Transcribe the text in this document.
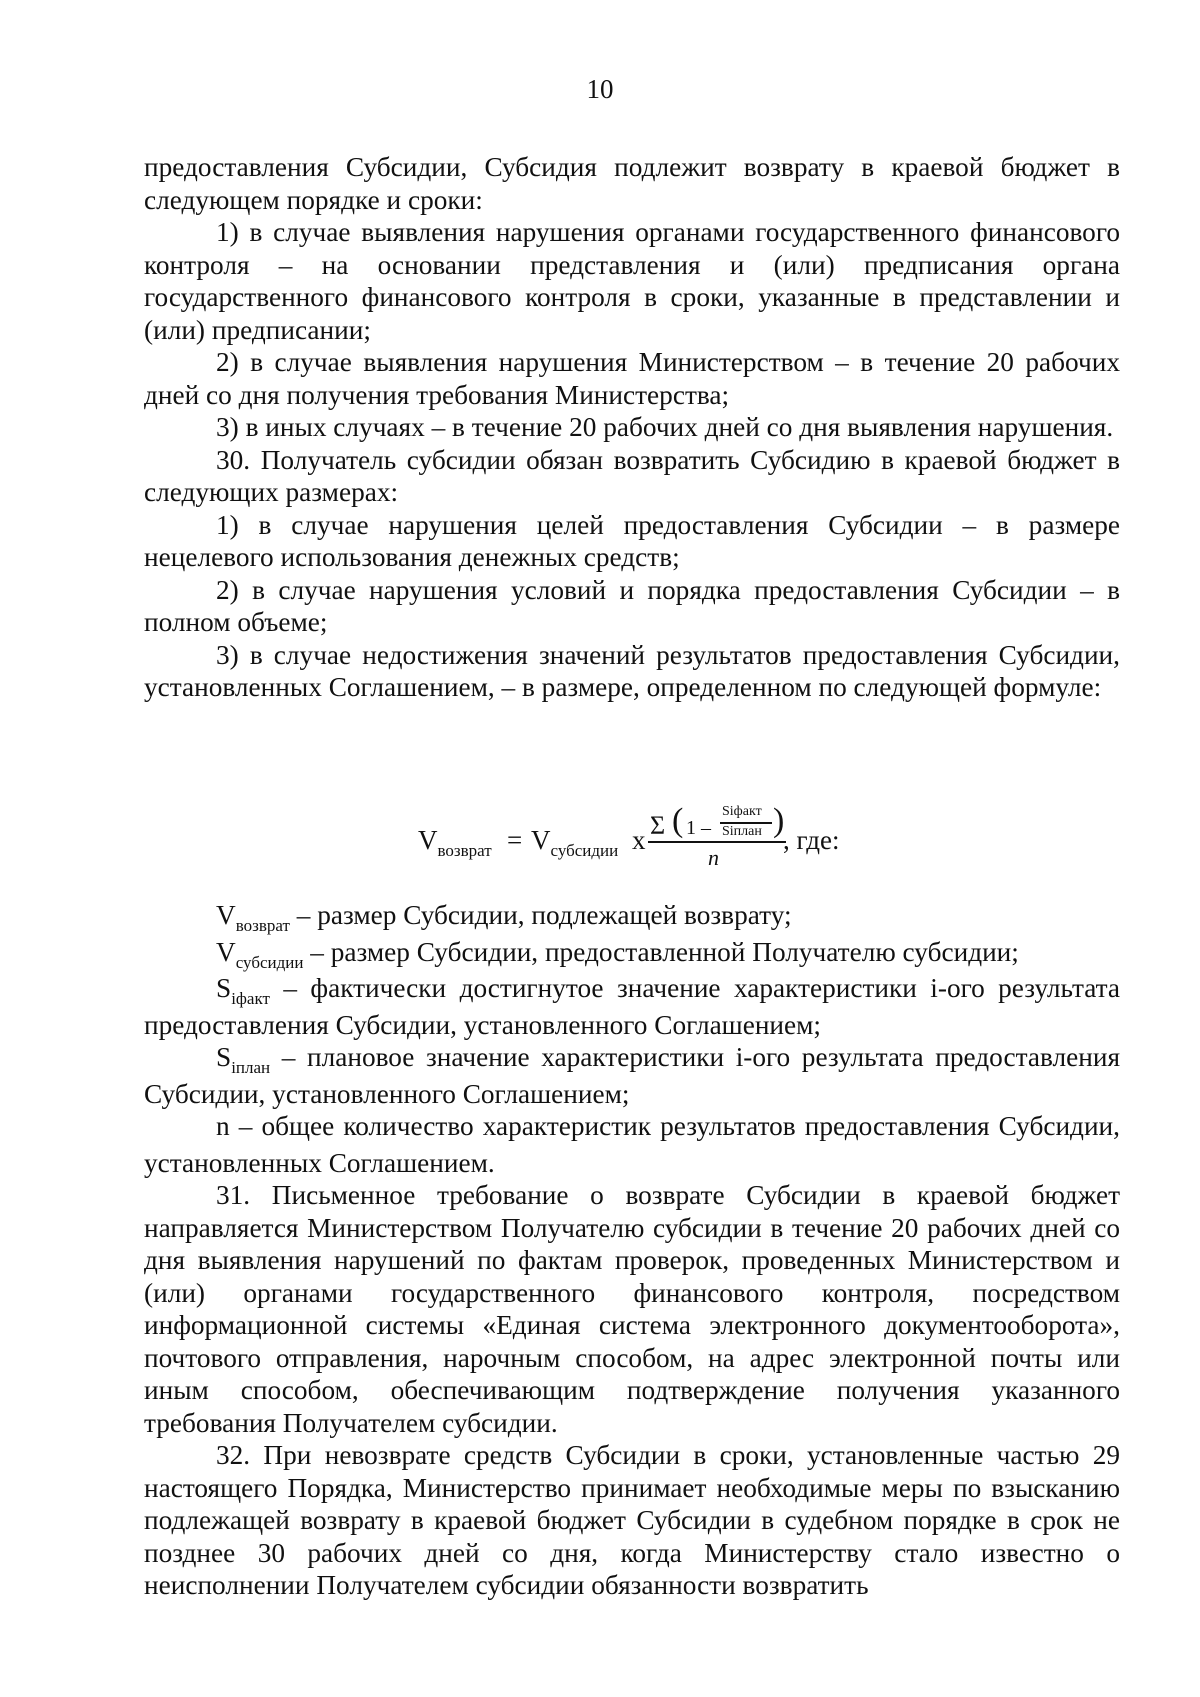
10

предоставления Субсидии, Субсидия подлежит возврату в краевой бюджет в следующем порядке и сроки:

1) в случае выявления нарушения органами государственного финансового контроля – на основании представления и (или) предписания органа государственного финансового контроля в сроки, указанные в представлении и (или) предписании;

2) в случае выявления нарушения Министерством – в течение 20 рабочих дней со дня получения требования Министерства;

3) в иных случаях – в течение 20 рабочих дней со дня выявления нарушения.

30. Получатель субсидии обязан возвратить Субсидию в краевой бюджет в следующих размерах:

1) в случае нарушения целей предоставления Субсидии – в размере нецелевого использования денежных средств;

2) в случае нарушения условий и порядка предоставления Субсидии – в полном объеме;

3) в случае недостижения значений результатов предоставления Субсидии, установленных Соглашением, – в размере, определенном по следующей формуле:

$V_{возврат} = V_{субсидии}$ x Σ ( 1 –
Siфакт
Siплан )
n
, где:

$V_{возврат}$ – размер Субсидии, подлежащей возврату;

$V_{субсидии}$ – размер Субсидии, предоставленной Получателю субсидии;

$S_{iфакт}$ – фактически достигнутое значение характеристики i-ого результата предоставления Субсидии, установленного Соглашением;

$S_{iплан}$ – плановое значение характеристики i-ого результата предоставления Субсидии, установленного Соглашением;

n – общее количество характеристик результатов предоставления Субсидии, установленных Соглашением.

31. Письменное требование о возврате Субсидии в краевой бюджет направляется Министерством Получателю субсидии в течение 20 рабочих дней со дня выявления нарушений по фактам проверок, проведенных Министерством и (или) органами государственного финансового контроля, посредством информационной системы «Единая система электронного документооборота», почтового отправления, нарочным способом, на адрес электронной почты или иным способом, обеспечивающим подтверждение получения указанного требования Получателем субсидии.

32. При невозврате средств Субсидии в сроки, установленные частью 29 настоящего Порядка, Министерство принимает необходимые меры по взысканию подлежащей возврату в краевой бюджет Субсидии в судебном порядке в срок не позднее 30 рабочих дней со дня, когда Министерству стало известно о неисполнении Получателем субсидии обязанности возвратить
